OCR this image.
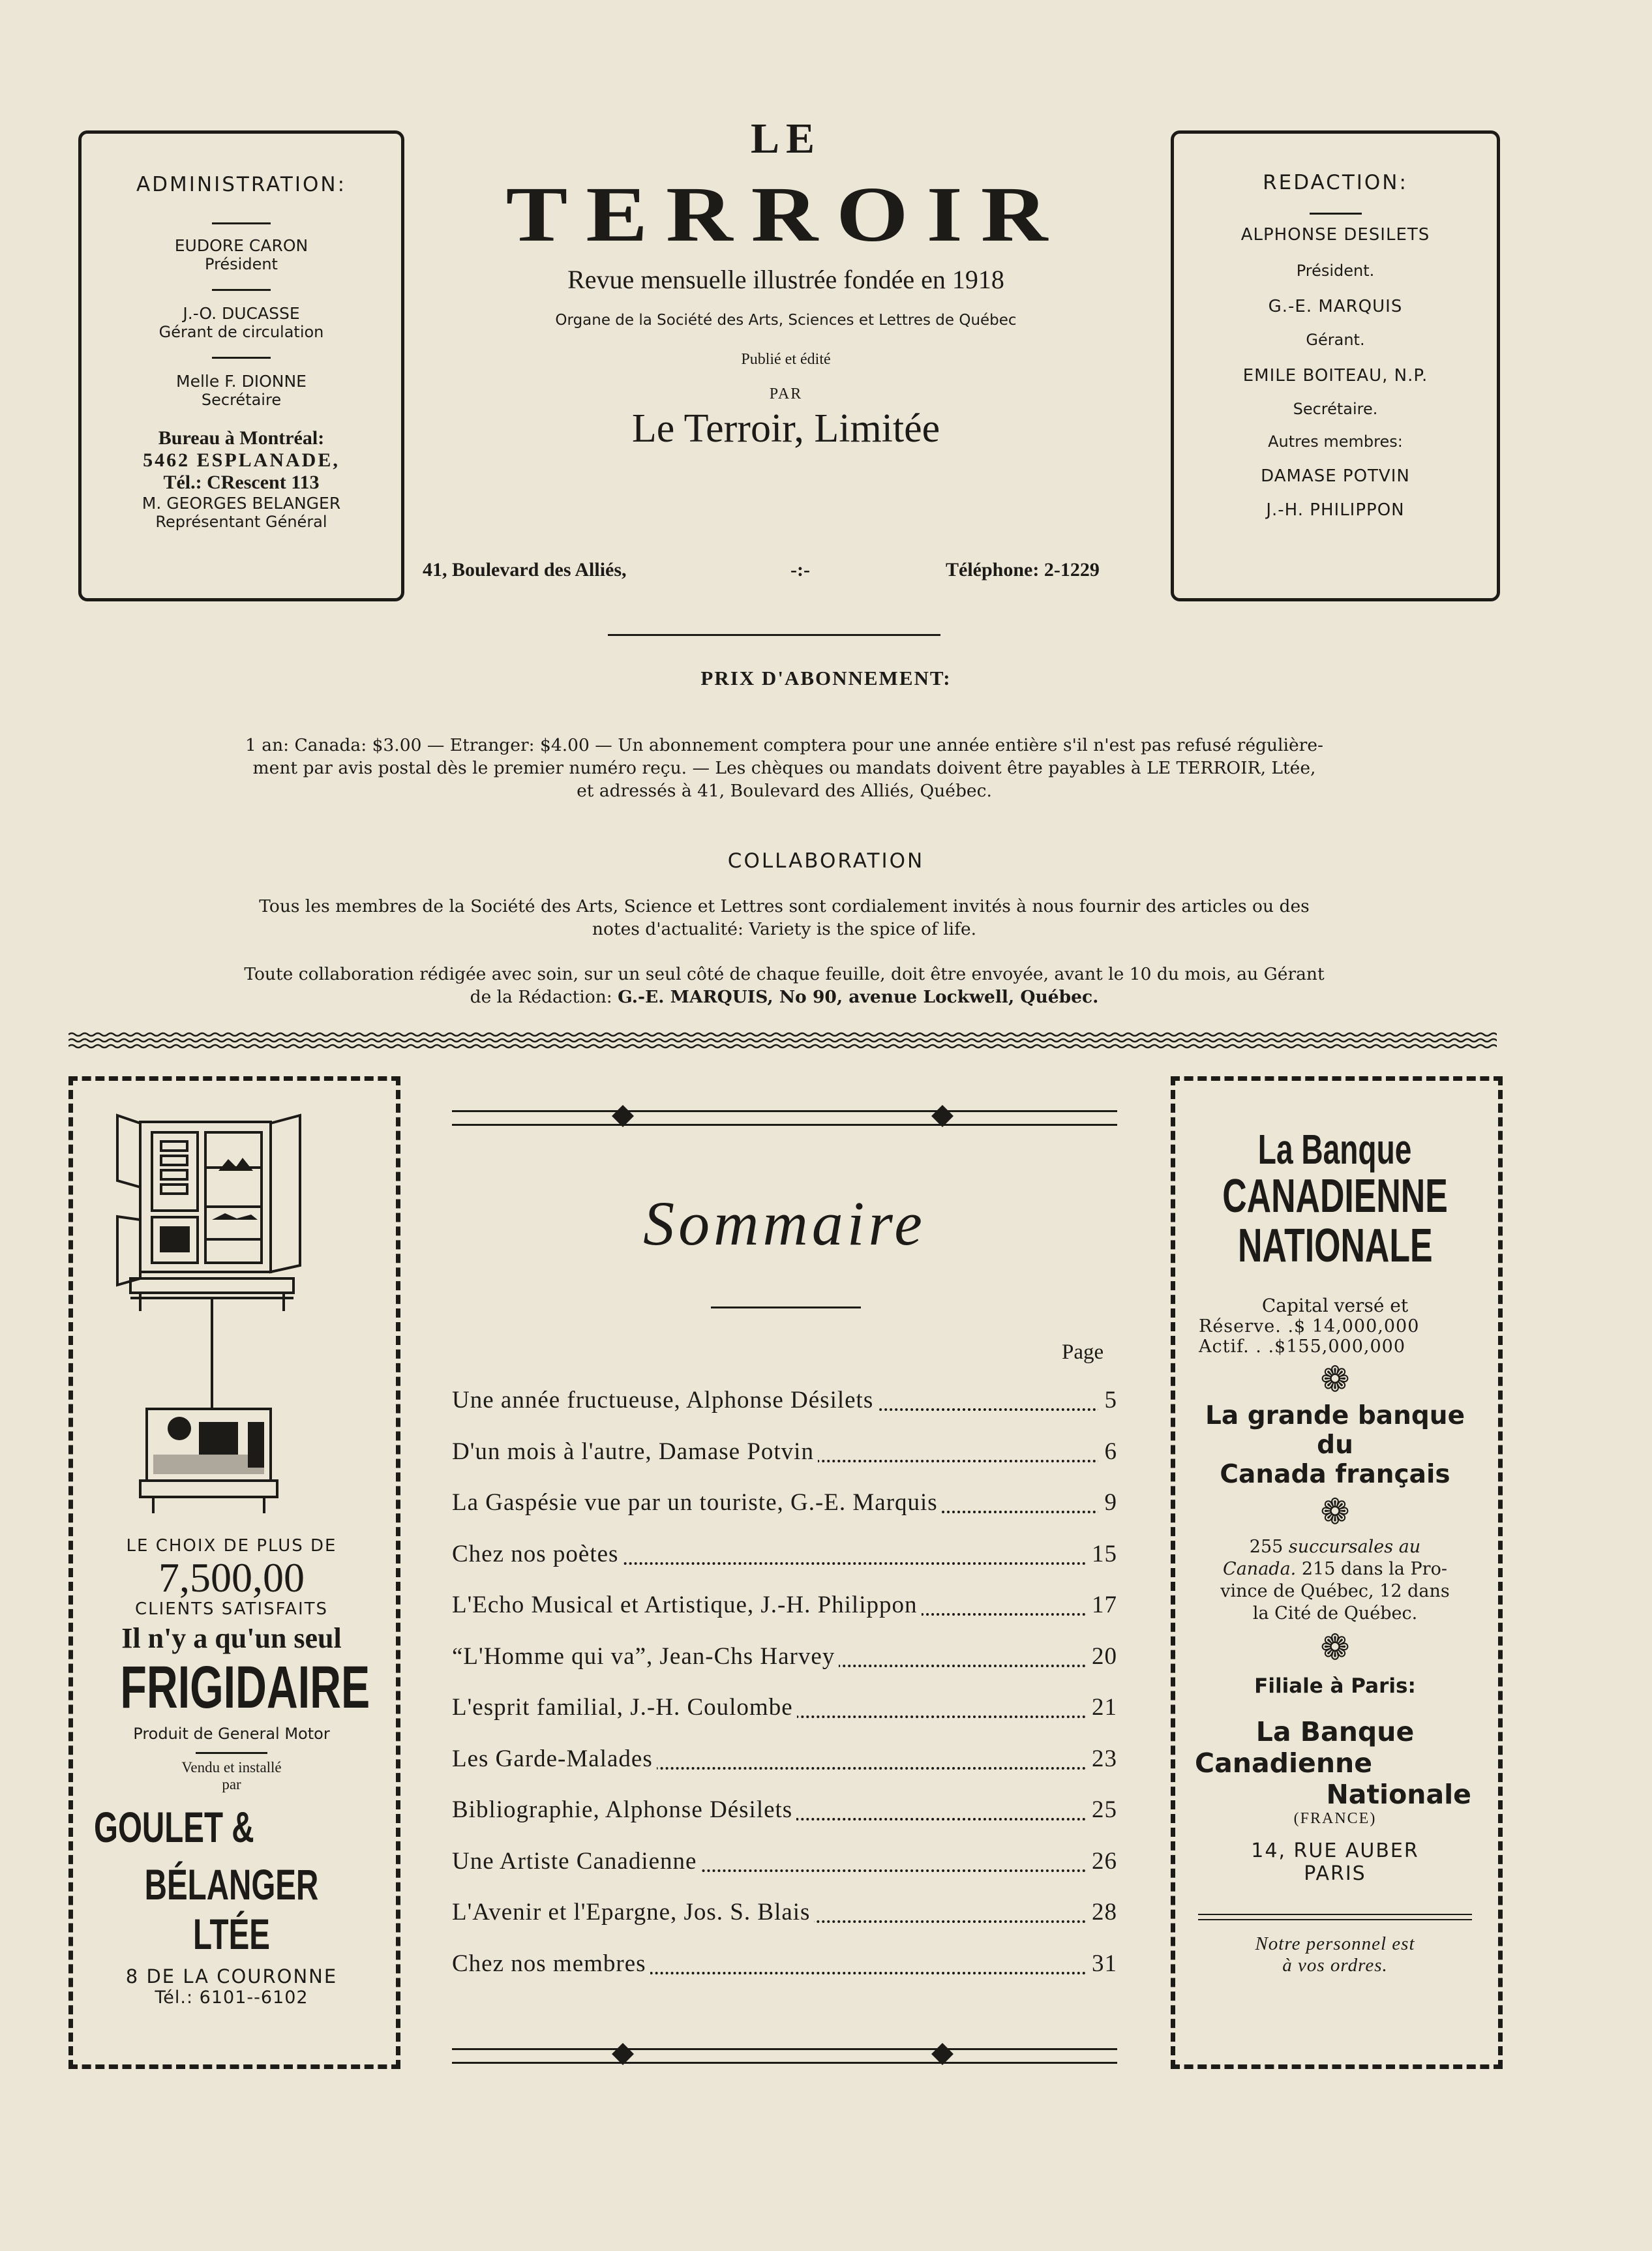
ADMINISTRATION:
EUDORE CARON
Président
J.-O. DUCASSE
Gérant de circulation
Melle F. DIONNE
Secrétaire
Bureau à Montréal:
5462 ESPLANADE,
Tél.: CRescent 113
M. GEORGES BELANGER
Représentant Général
REDACTION:
ALPHONSE DESILETS
Président.
G.-E. MARQUIS
Gérant.
EMILE BOITEAU, N.P.
Secrétaire.
Autres membres:
DAMASE POTVIN
J.-H. PHILIPPON
LE
TERROIR
Revue mensuelle illustrée fondée en 1918
Organe de la Société des Arts, Sciences et Lettres de Québec
Publié et édité
PAR
Le Terroir, Limitée
41, Boulevard des Alliés,	-:-	Téléphone: 2-1229
PRIX D'ABONNEMENT:
1 an: Canada: $3.00 — Etranger: $4.00 — Un abonnement comptera pour une année entière s'il n'est pas refusé régulière-
ment par avis postal dès le premier numéro reçu. — Les chèques ou mandats doivent être payables à LE TERROIR, Ltée,
et adressés à 41, Boulevard des Alliés, Québec.
COLLABORATION
Tous les membres de la Société des Arts, Science et Lettres sont cordialement invités à nous fournir des articles ou des
notes d'actualité: Variety is the spice of life.
Toute collaboration rédigée avec soin, sur un seul côté de chaque feuille, doit être envoyée, avant le 10 du mois, au Gérant
de la Rédaction: G.-E. MARQUIS, No 90, avenue Lockwell, Québec.
LE CHOIX DE PLUS DE
7,500,00
CLIENTS SATISFAITS
Il n'y a qu'un seul
FRIGIDAIRE
Produit de General Motor
Vendu et installé
par
GOULET &
BÉLANGER LTÉE
8 DE LA COURONNE
Tél.: 6101--6102
Sommaire
Page
Une année fructueuse, Alphonse Désilets	5
D'un mois à l'autre, Damase Potvin	6
La Gaspésie vue par un touriste, G.-E. Marquis	9
Chez nos poètes	15
L'Echo Musical et Artistique, J.-H. Philippon	17
“L'Homme qui va”, Jean-Chs Harvey	20
L'esprit familial, J.-H. Coulombe	21
Les Garde-Malades	23
Bibliographie, Alphonse Désilets	25
Une Artiste Canadienne	26
L'Avenir et l'Epargne, Jos. S. Blais	28
Chez nos membres	31
La Banque
CANADIENNE
NATIONALE
Capital versé et
Réserve. .$ 14,000,000
Actif. . .$155,000,000
❁
La grande banque
du
Canada français
❁
255 succursales au
Canada. 215 dans la Pro-
vince de Québec, 12 dans
la Cité de Québec.
❁
Filiale à Paris:
La Banque
Canadienne
Nationale
(FRANCE)
14, RUE AUBER
PARIS
Notre personnel est
à vos ordres.
